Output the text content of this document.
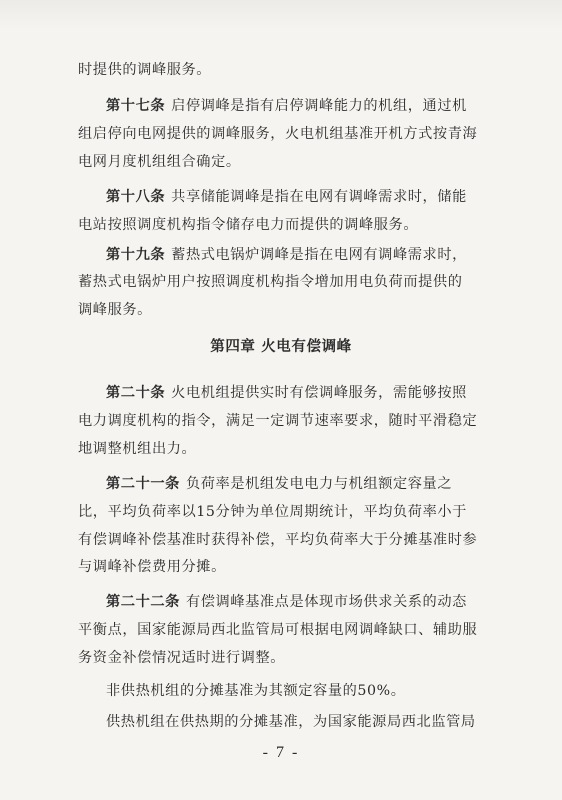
时提供的调峰服务。
第十七条 启停调峰是指有启停调峰能力的机组，通过机
组启停向电网提供的调峰服务，火电机组基准开机方式按青海
电网月度机组组合确定。
第十八条 共享储能调峰是指在电网有调峰需求时，储能
电站按照调度机构指令储存电力而提供的调峰服务。
第十九条 蓄热式电锅炉调峰是指在电网有调峰需求时，
蓄热式电锅炉用户按照调度机构指令增加用电负荷而提供的
调峰服务。
第四章 火电有偿调峰
第二十条 火电机组提供实时有偿调峰服务，需能够按照
电力调度机构的指令，满足一定调节速率要求，随时平滑稳定
地调整机组出力。
第二十一条 负荷率是机组发电电力与机组额定容量之
比，平均负荷率以15分钟为单位周期统计，平均负荷率小于
有偿调峰补偿基准时获得补偿，平均负荷率大于分摊基准时参
与调峰补偿费用分摊。
第二十二条 有偿调峰基准点是体现市场供求关系的动态
平衡点，国家能源局西北监管局可根据电网调峰缺口、辅助服
务资金补偿情况适时进行调整。
非供热机组的分摊基准为其额定容量的50%。
供热机组在供热期的分摊基准，为国家能源局西北监管局
- 7 -
